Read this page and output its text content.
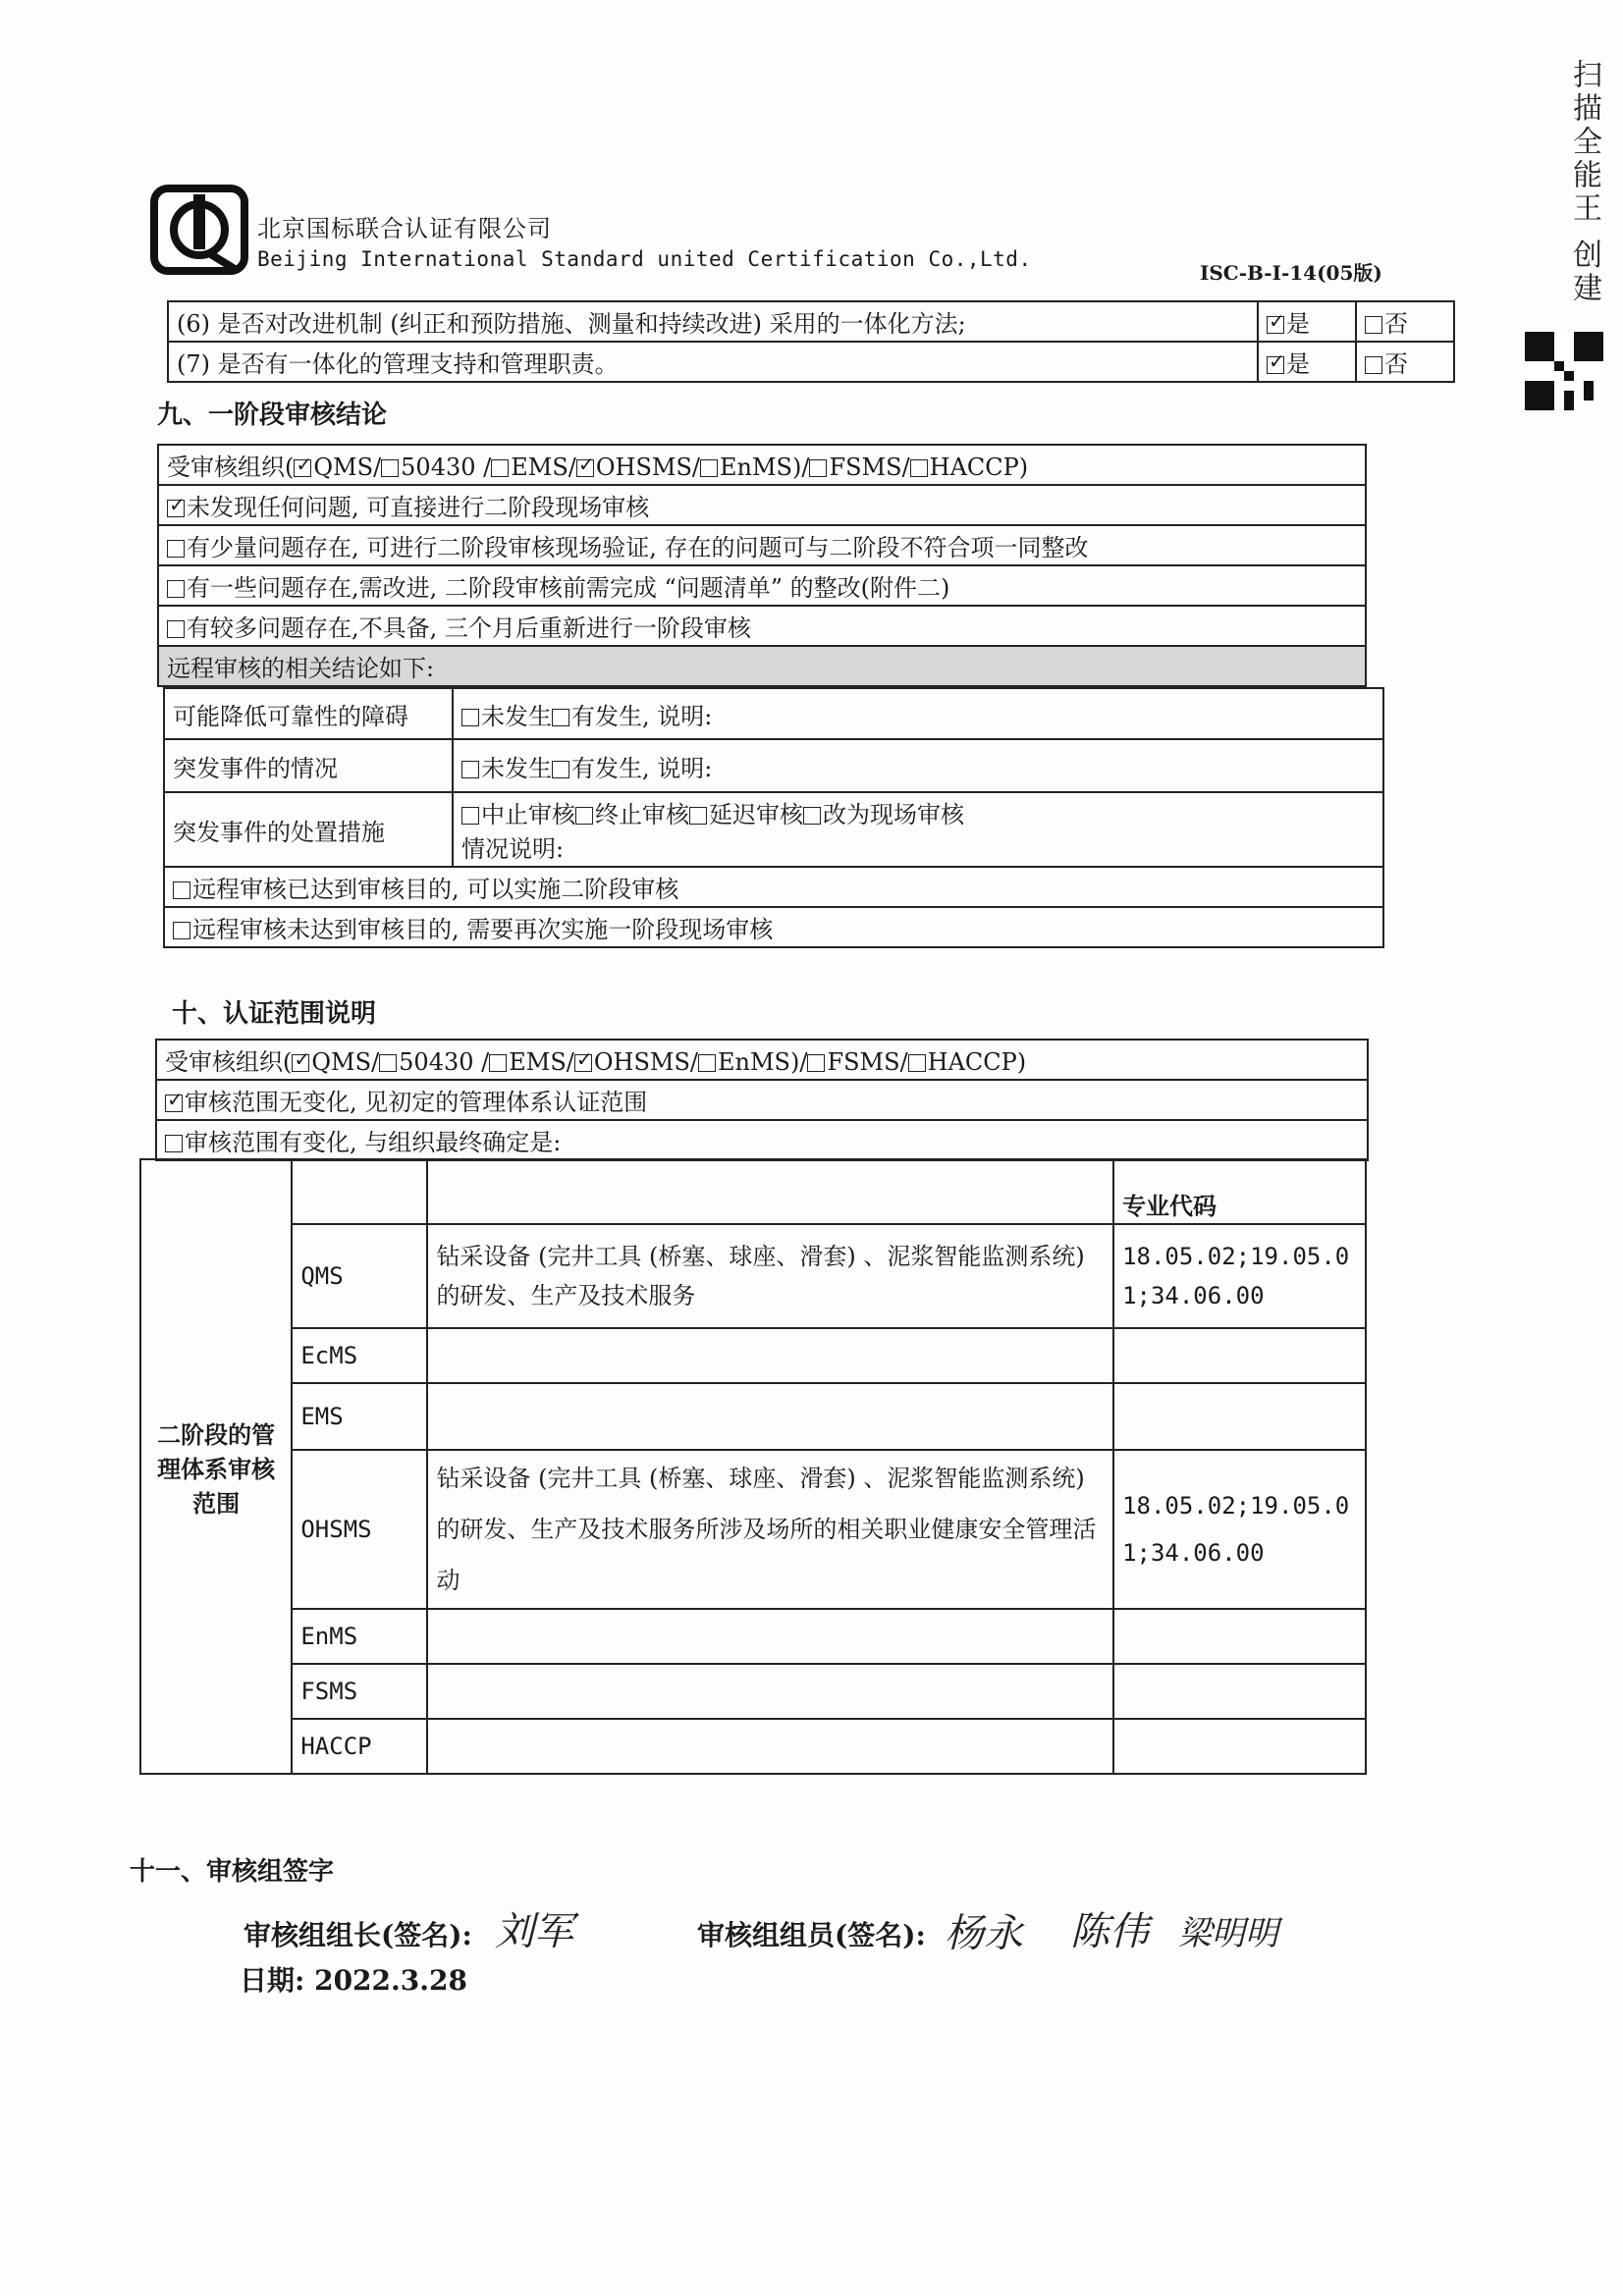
北京国标联合认证有限公司
Beijing International Standard united Certification Co.,Ltd.
ISC-B-I-14(05版)	扫描全能王 创建
(6) 是否对改进机制 (纠正和预防措施、测量和持续改进) 采用的一体化方法;	✓是	否
(7) 是否有一体化的管理支持和管理职责。	✓是	否
九、一阶段审核结论
受审核组织( ✓ QMS/ 50430 / EMS/ ✓ OHSMS/ EnMS)/ FSMS/ HACCP)
✓未发现任何问题, 可直接进行二阶段现场审核
有少量问题存在, 可进行二阶段审核现场验证, 存在的问题可与二阶段不符合项一同整改
有一些问题存在,需改进, 二阶段审核前需完成 “问题清单” 的整改(附件二)
有较多问题存在,不具备, 三个月后重新进行一阶段审核
远程审核的相关结论如下:
可能降低可靠性的障碍	未发生 有发生, 说明:
突发事件的情况	未发生 有发生, 说明:
突发事件的处置措施	中止审核 终止审核 延迟审核 改为现场审核
情况说明:

远程审核已达到审核目的, 可以实施二阶段审核	
远程审核未达到审核目的, 需要再次实施一阶段现场审核	
十、认证范围说明
受审核组织( ✓ QMS/ 50430 / EMS/ ✓ OHSMS/ EnMS)/ FSMS/ HACCP)
✓审核范围无变化, 见初定的管理体系认证范围
审核范围有变化, 与组织最终确定是:
二阶段的管理体系审核范围			专业代码
	QMS	钻采设备 (完井工具 (桥塞、球座、滑套) 、泥浆智能监测系统) 的研发、生产及技术服务	18.05.02;19.05.01;34.06.00
	EcMS		
	EMS		
	OHSMS	钻采设备 (完井工具 (桥塞、球座、滑套) 、泥浆智能监测系统) 的研发、生产及技术服务所涉及场所的相关职业健康安全管理活动	18.05.02;19.05.01;34.06.00
	EnMS		
	FSMS		
	HACCP		
十一、审核组签字
审核组组长(签名): 刘军	审核组组员(签名): 杨永 陈伟 梁明明
日期: 2022.3.28
